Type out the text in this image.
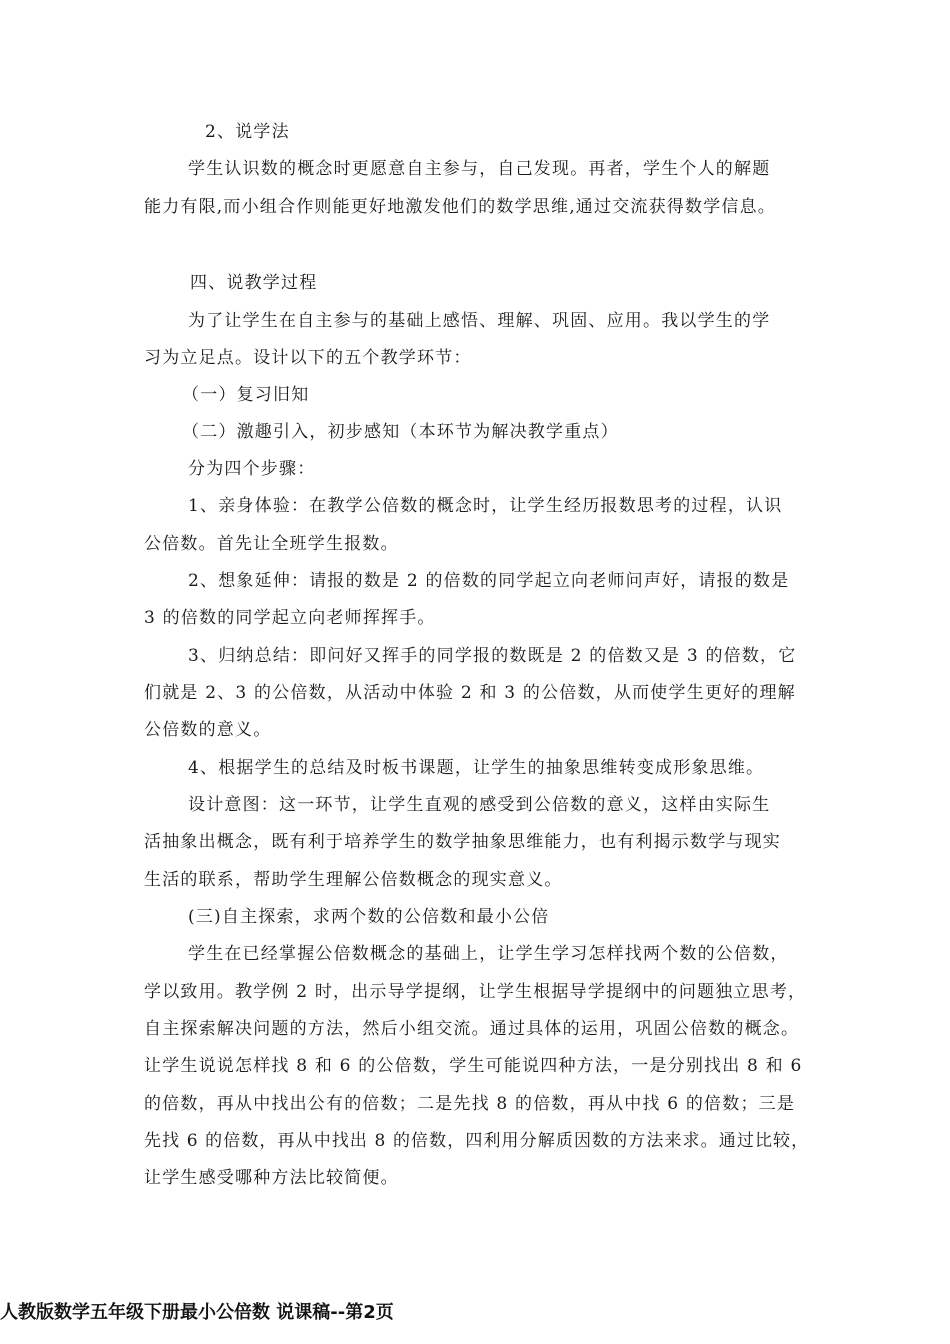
2、说学法
学生认识数的概念时更愿意自主参与，自己发现。再者，学生个人的解题
能力有限,而小组合作则能更好地激发他们的数学思维,通过交流获得数学信息。
四、说教学过程
为了让学生在自主参与的基础上感悟、理解、巩固、应用。我以学生的学
习为立足点。设计以下的五个教学环节：
（一）复习旧知
（二）激趣引入，初步感知（本环节为解决教学重点）
分为四个步骤：
1、亲身体验：在教学公倍数的概念时，让学生经历报数思考的过程，认识
公倍数。首先让全班学生报数。
2、想象延伸：请报的数是 2 的倍数的同学起立向老师问声好，请报的数是
3 的倍数的同学起立向老师挥挥手。
3、归纳总结：即问好又挥手的同学报的数既是 2 的倍数又是 3 的倍数，它
们就是 2、3 的公倍数，从活动中体验 2 和 3 的公倍数，从而使学生更好的理解
公倍数的意义。
4、根据学生的总结及时板书课题，让学生的抽象思维转变成形象思维。
设计意图：这一环节，让学生直观的感受到公倍数的意义，这样由实际生
活抽象出概念，既有利于培养学生的数学抽象思维能力，也有利揭示数学与现实
生活的联系，帮助学生理解公倍数概念的现实意义。
(三)自主探索，求两个数的公倍数和最小公倍
学生在已经掌握公倍数概念的基础上，让学生学习怎样找两个数的公倍数，
学以致用。教学例 2 时，出示导学提纲，让学生根据导学提纲中的问题独立思考，
自主探索解决问题的方法，然后小组交流。通过具体的运用，巩固公倍数的概念。
让学生说说怎样找 8 和 6 的公倍数，学生可能说四种方法，一是分别找出 8 和 6
的倍数，再从中找出公有的倍数；二是先找 8 的倍数，再从中找 6 的倍数；三是
先找 6 的倍数，再从中找出 8 的倍数，四利用分解质因数的方法来求。通过比较，
让学生感受哪种方法比较简便。
人教版数学五年级下册最小公倍数 说课稿--第2页
